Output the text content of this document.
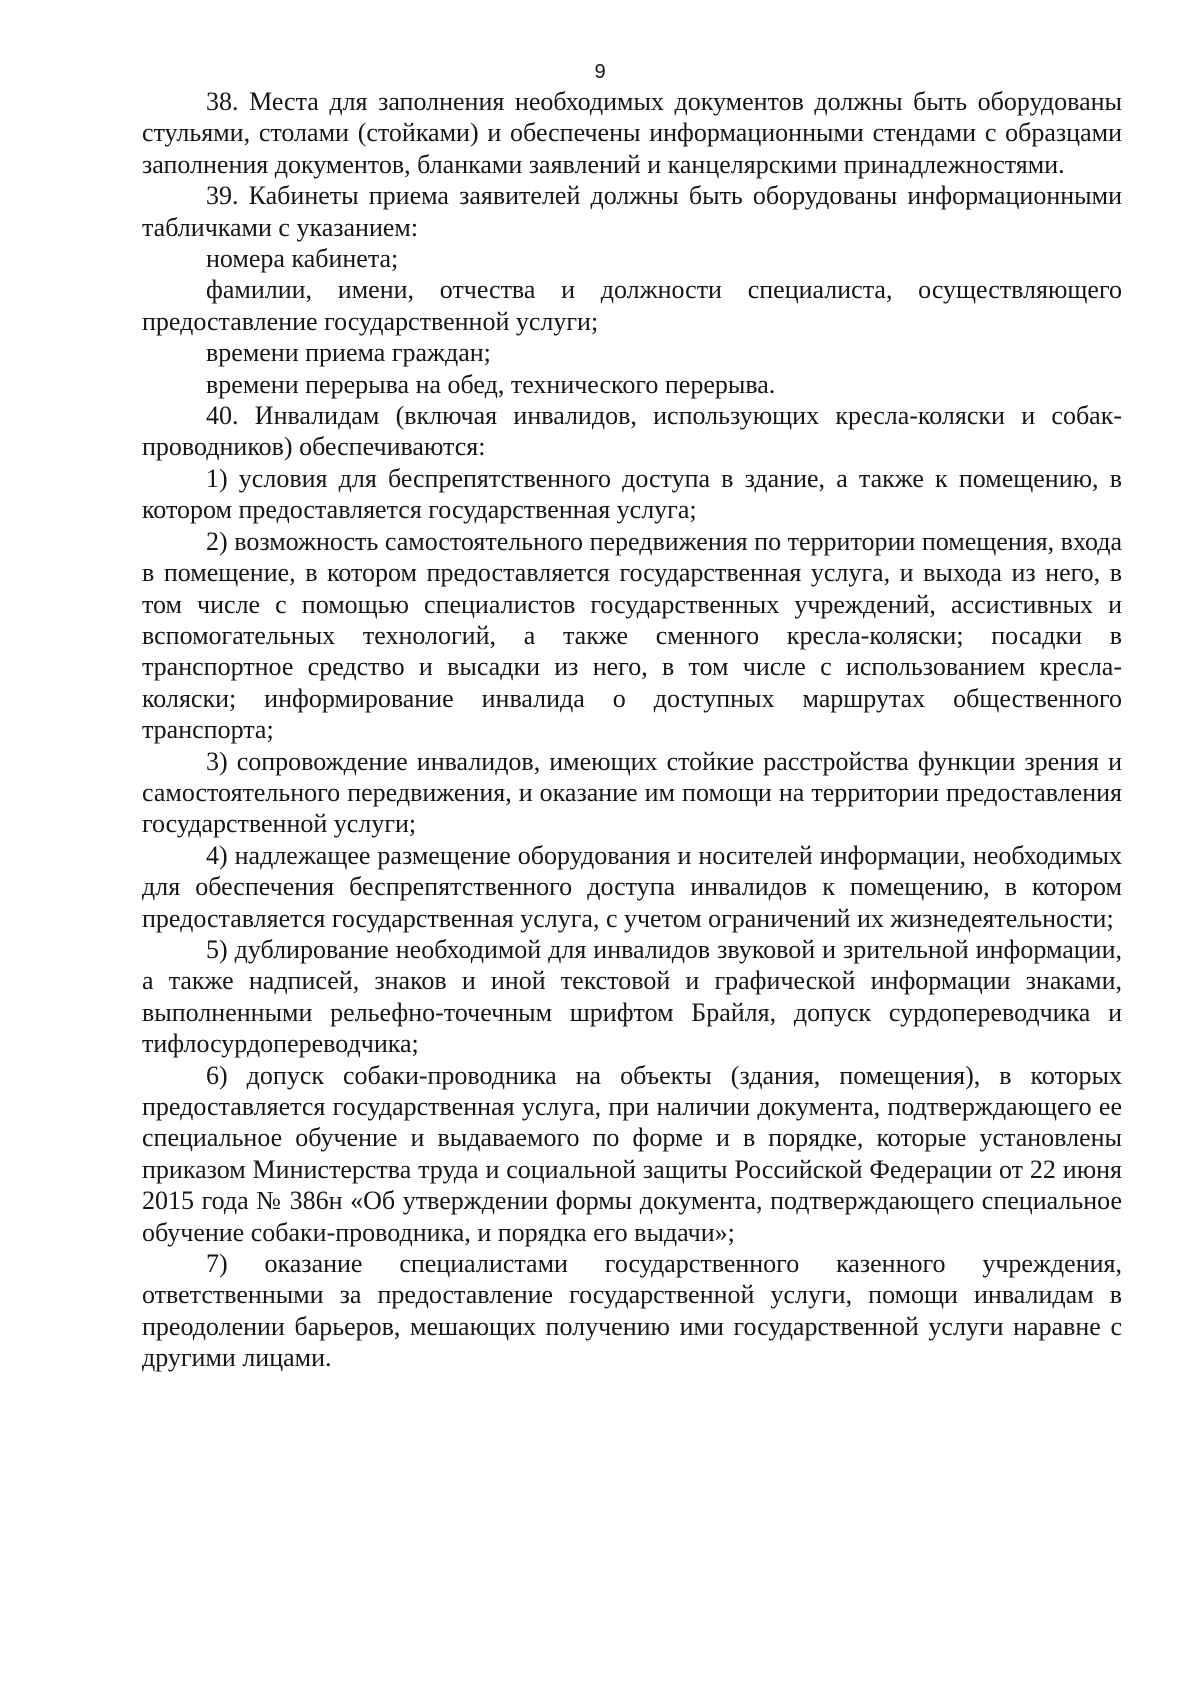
9

38. Места для заполнения необходимых документов должны быть оборудованы стульями, столами (стойками) и обеспечены информационными стендами с образцами заполнения документов, бланками заявлений и канцелярскими принадлежностями.

39. Кабинеты приема заявителей должны быть оборудованы информационными табличками с указанием:

номера кабинета;

фамилии, имени, отчества и должности специалиста, осуществляющего предоставление государственной услуги;

времени приема граждан;

времени перерыва на обед, технического перерыва.

40. Инвалидам (включая инвалидов, использующих кресла-коляски и собак-проводников) обеспечиваются:

1) условия для беспрепятственного доступа в здание, а также к помещению, в котором предоставляется государственная услуга;

2) возможность самостоятельного передвижения по территории помещения, входа в помещение, в котором предоставляется государственная услуга, и выхода из него, в том числе с помощью специалистов государственных учреждений, ассистивных и вспомогательных технологий, а также сменного кресла-коляски; посадки в транспортное средство и высадки из него, в том числе с использованием кресла-коляски; информирование инвалида о доступных маршрутах общественного транспорта;

3) сопровождение инвалидов, имеющих стойкие расстройства функции зрения и самостоятельного передвижения, и оказание им помощи на территории предоставления государственной услуги;

4) надлежащее размещение оборудования и носителей информации, необходимых для обеспечения беспрепятственного доступа инвалидов к помещению, в котором предоставляется государственная услуга, с учетом ограничений их жизнедеятельности;

5) дублирование необходимой для инвалидов звуковой и зрительной информации, а также надписей, знаков и иной текстовой и графической информации знаками, выполненными рельефно-точечным шрифтом Брайля, допуск сурдопереводчика и тифлосурдопереводчика;

6) допуск собаки-проводника на объекты (здания, помещения), в которых предоставляется государственная услуга, при наличии документа, подтверждающего ее специальное обучение и выдаваемого по форме и в порядке, которые установлены приказом Министерства труда и социальной защиты Российской Федерации от 22 июня 2015 года № 386н «Об утверждении формы документа, подтверждающего специальное обучение собаки-проводника, и порядка его выдачи»;

7) оказание специалистами государственного казенного учреждения, ответственными за предоставление государственной услуги, помощи инвалидам в преодолении барьеров, мешающих получению ими государственной услуги наравне с другими лицами.
